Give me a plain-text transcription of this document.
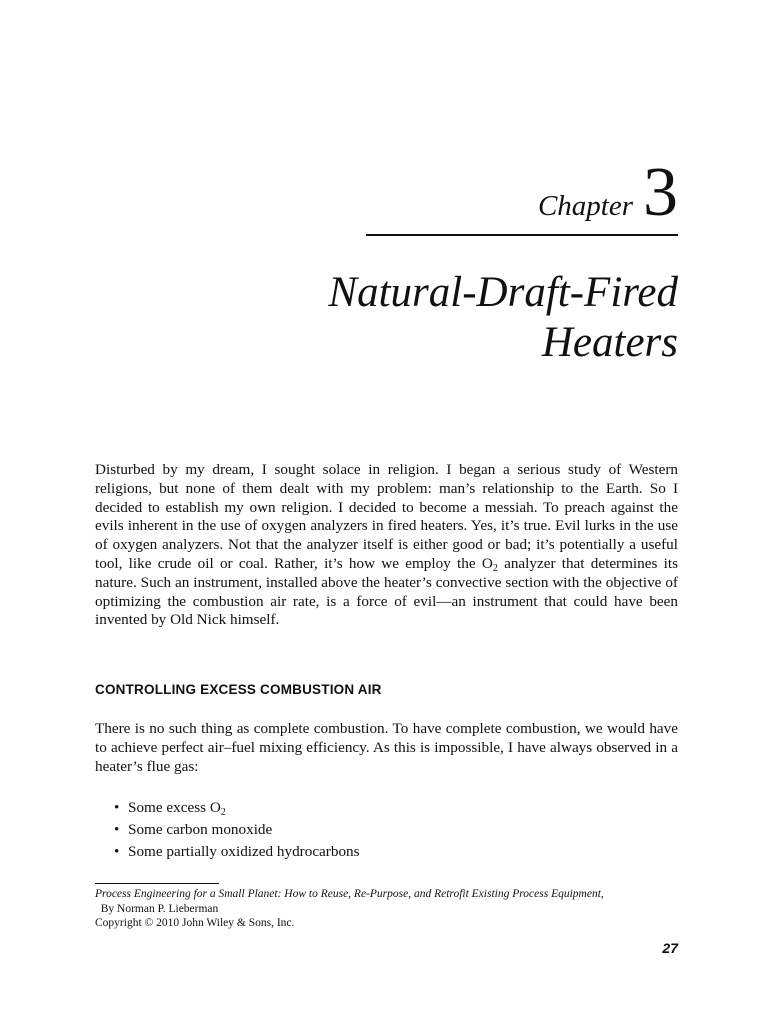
Chapter 3
Natural-Draft-Fired
Heaters

Disturbed by my dream, I sought solace in religion. I began a serious study of Western religions, but none of them dealt with my problem: man’s relationship to the Earth. So I decided to establish my own religion. I decided to become a messiah. To preach against the evils inherent in the use of oxygen analyzers in fired heaters. Yes, it’s true. Evil lurks in the use of oxygen analyzers. Not that the analyzer itself is either good or bad; it’s potentially a useful tool, like crude oil or coal. Rather, it’s how we employ the $O_2$ analyzer that determines its nature. Such an instrument, installed above the heater’s convective section with the objective of optimizing the combustion air rate, is a force of evil—an instrument that could have been invented by Old Nick himself.

CONTROLLING EXCESS COMBUSTION AIR

There is no such thing as complete combustion. To have complete combustion, we would have to achieve perfect air–fuel mixing efficiency. As this is impossible, I have always observed in a heater’s flue gas:

• Some excess $O_2$
• Some carbon monoxide
• Some partially oxidized hydrocarbons
Process Engineering for a Small Planet: How to Reuse, Re-Purpose, and Retrofit Existing Process Equipment,  By Norman P. Lieberman
Copyright © 2010 John Wiley & Sons, Inc.
27
